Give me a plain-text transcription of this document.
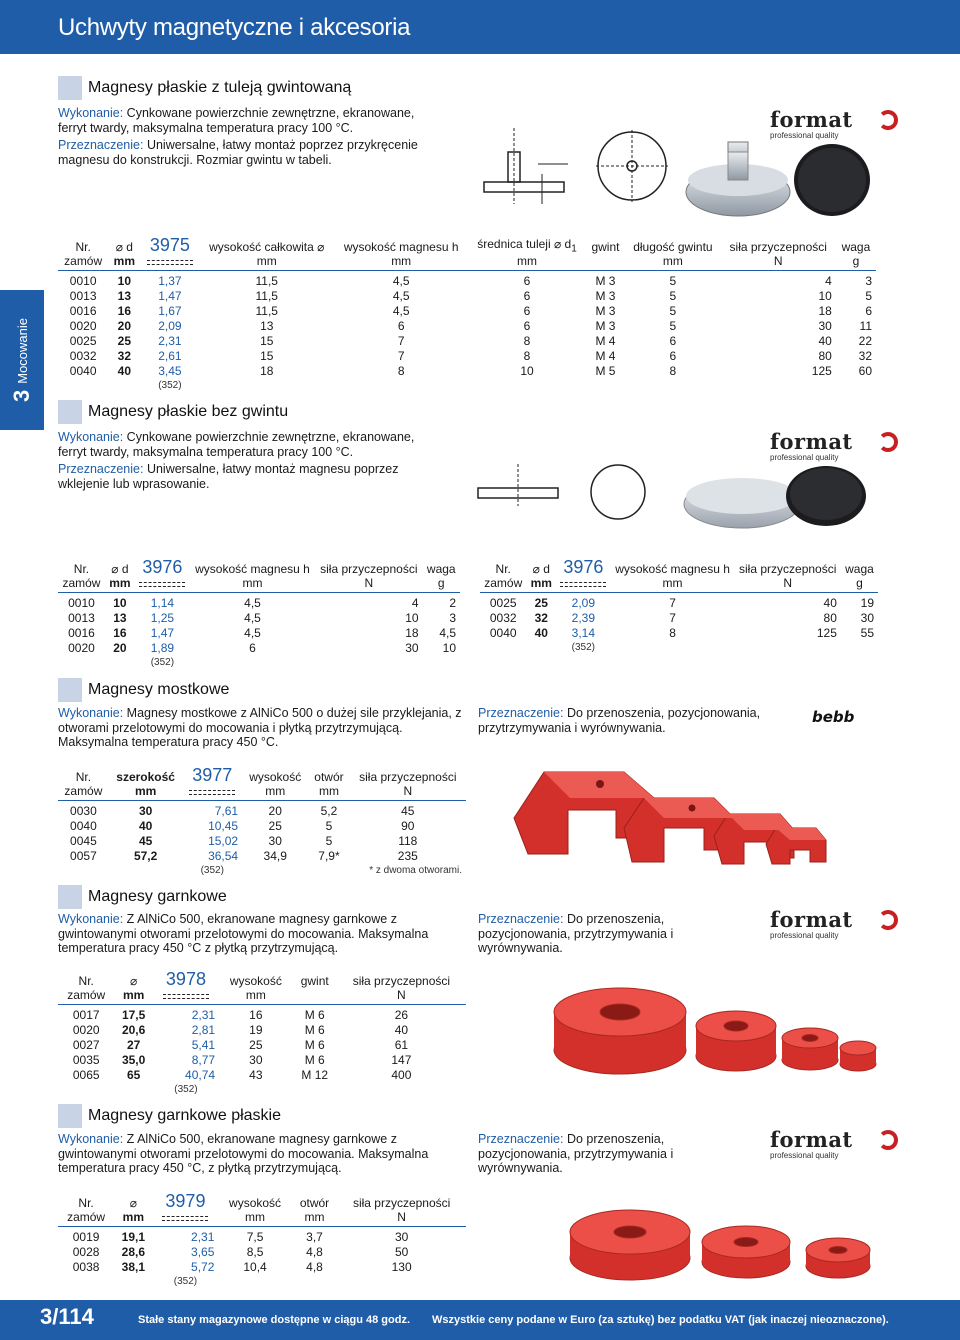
Uchwyty magnetyczne i akcesoria
3
Mocowanie
Magnesy płaskie z tuleją gwintowaną

Wykonanie: Cynkowane powierzchnie zewnętrzne, ekranowane, ferryt twardy, maksymalna temperatura pracy 100 °C.

Przeznaczenie: Uniwersalne, łatwy montaż poprzez przykręcenie magnesu do konstrukcji. Rozmiar gwintu w tabeli.

format
professional quality
Nr.	⌀ d	3975	wysokość całkowita ⌀	wysokość magnesu h	średnica tuleji ⌀ $d_1$	gwint	długość gwintu	siła przyczepności	waga
zamów	mm		mm	mm	mm		mm	N	g
0010	10	1,37	11,5	4,5	6	M 3	5	4	3
0013	13	1,47	11,5	4,5	6	M 3	5	10	5
0016	16	1,67	11,5	4,5	6	M 3	5	18	6
0020	20	2,09	13	6	6	M 3	5	30	11
0025	25	2,31	15	7	8	M 4	6	40	22
0032	32	2,61	15	7	8	M 4	6	80	32
0040	40	3,45	18	8	10	M 5	8	125	60
		(352)							
Magnesy płaskie bez gwintu

Wykonanie: Cynkowane powierzchnie zewnętrzne, ekranowane, ferryt twardy, maksymalna temperatura pracy 100 °C.

Przeznaczenie: Uniwersalne, łatwy montaż magnesu poprzez wklejenie lub wprasowanie.

format
professional quality
Nr.	⌀ d	3976	wysokość magnesu h	siła przyczepności	waga
zamów	mm		mm	N	g
0010	10	1,14	4,5	4	2
0013	13	1,25	4,5	10	3
0016	16	1,47	4,5	18	4,5
0020	20	1,89	6	30	10
		(352)			
Nr.	⌀ d	3976	wysokość magnesu h	siła przyczepności	waga
zamów	mm		mm	N	g
0025	25	2,09	7	40	19
0032	32	2,39	7	80	30
0040	40	3,14	8	125	55
		(352)			
Magnesy mostkowe

Wykonanie: Magnesy mostkowe z AlNiCo 500 o dużej sile przyklejania, z otworami przelotowymi do mocowania i płytką przytrzymującą. Maksymalna temperatura pracy 450 °C.

Przeznaczenie: Do przenoszenia, pozycjonowania, przytrzymywania i wyrównywania.

bebb
Nr.	szerokość	3977	wysokość	otwór	siła przyczepności
zamów	mm		mm	mm	N
0030	30	7,61	20	5,2	45
0040	40	10,45	25	5	90
0045	45	15,02	30	5	118
0057	57,2	36,54	34,9	7,9*	235
		(352)			* z dwoma otworami.
Magnesy garnkowe

Wykonanie: Z AlNiCo 500, ekranowane magnesy garnkowe z gwintowanymi otworami przelotowymi do mocowania. Maksymalna temperatura pracy 450 °C z płytką przytrzymującą.

Przeznaczenie: Do przenoszenia, pozycjonowania, przytrzymywania i wyrównywania.

format
professional quality
Nr.	⌀	3978	wysokość	gwint	siła przyczepności
zamów	mm		mm		N
0017	17,5	2,31	16	M 6	26
0020	20,6	2,81	19	M 6	40
0027	27	5,41	25	M 6	61
0035	35,0	8,77	30	M 6	147
0065	65	40,74	43	M 12	400
		(352)			
Magnesy garnkowe płaskie

Wykonanie: Z AlNiCo 500, ekranowane magnesy garnkowe z gwintowanymi otworami przelotowymi do mocowania. Maksymalna temperatura pracy 450 °C, z płytką przytrzymującą.

Przeznaczenie: Do przenoszenia, pozycjonowania, przytrzymywania i wyrównywania.

format
professional quality
Nr.	⌀	3979	wysokość	otwór	siła przyczepności
zamów	mm		mm	mm	N
0019	19,1	2,31	7,5	3,7	30
0028	28,6	3,65	8,5	4,8	50
0038	38,1	5,72	10,4	4,8	130
		(352)			
3/114	Stałe stany magazynowe dostępne w ciągu 48 godz. Wszystkie ceny podane w Euro (za sztukę) bez podatku VAT (jak inaczej nieoznaczone).
